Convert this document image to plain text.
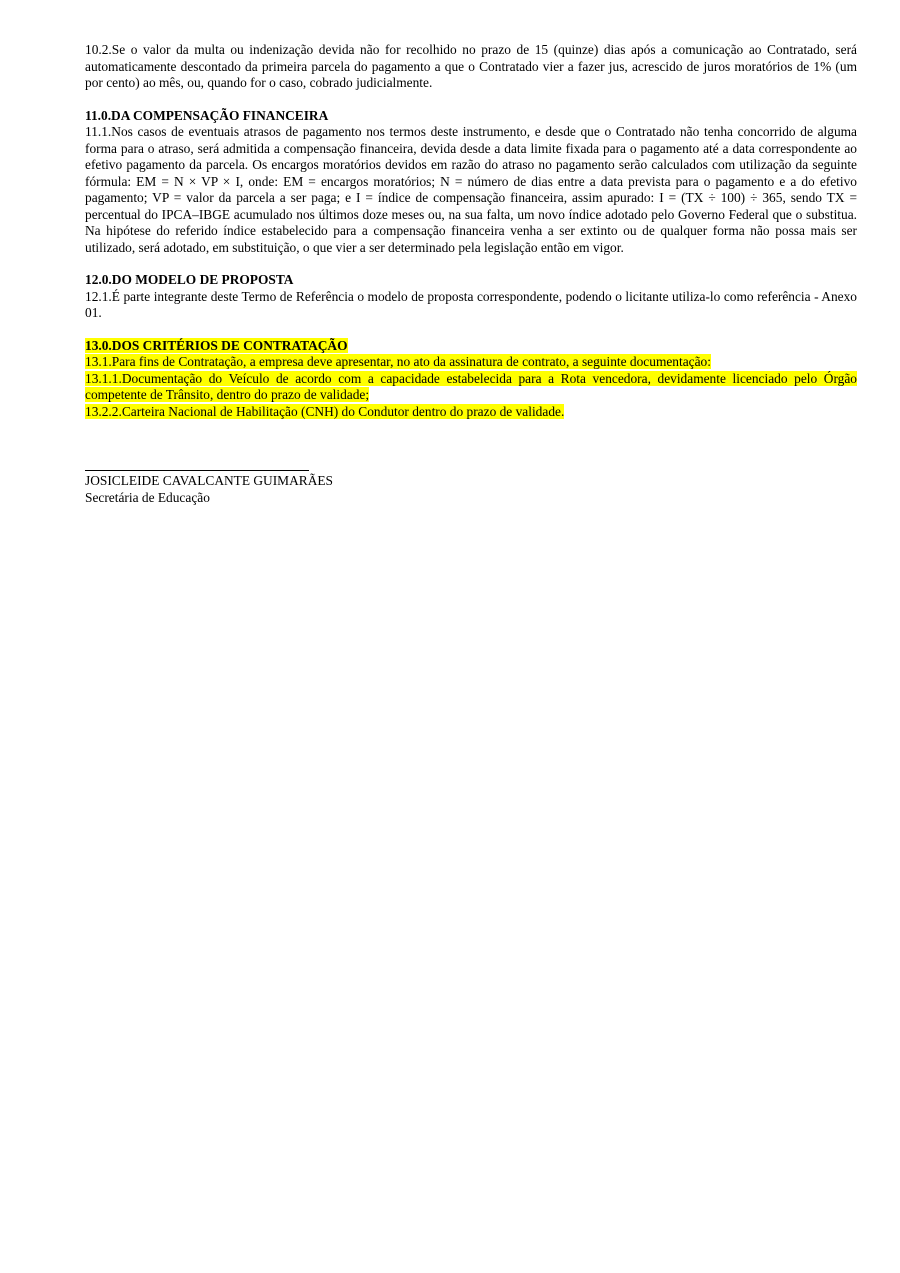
10.2.Se o valor da multa ou indenização devida não for recolhido no prazo de 15 (quinze) dias após a comunicação ao Contratado, será automaticamente descontado da primeira parcela do pagamento a que o Contratado vier a fazer jus, acrescido de juros moratórios de 1% (um por cento) ao mês, ou, quando for o caso, cobrado judicialmente.

11.0.DA COMPENSAÇÃO FINANCEIRA

11.1.Nos casos de eventuais atrasos de pagamento nos termos deste instrumento, e desde que o Contratado não tenha concorrido de alguma forma para o atraso, será admitida a compensação financeira, devida desde a data limite fixada para o pagamento até a data correspondente ao efetivo pagamento da parcela. Os encargos moratórios devidos em razão do atraso no pagamento serão calculados com utilização da seguinte fórmula: EM = N × VP × I, onde: EM = encargos moratórios; N = número de dias entre a data prevista para o pagamento e a do efetivo pagamento; VP = valor da parcela a ser paga; e I = índice de compensação financeira, assim apurado: I = (TX ÷ 100) ÷ 365, sendo TX = percentual do IPCA–IBGE acumulado nos últimos doze meses ou, na sua falta, um novo índice adotado pelo Governo Federal que o substitua. Na hipótese do referido índice estabelecido para a compensação financeira venha a ser extinto ou de qualquer forma não possa mais ser utilizado, será adotado, em substituição, o que vier a ser determinado pela legislação então em vigor.

12.0.DO MODELO DE PROPOSTA

12.1.É parte integrante deste Termo de Referência o modelo de proposta correspondente, podendo o licitante utiliza-lo como referência - Anexo 01.

13.0.DOS CRITÉRIOS DE CONTRATAÇÃO

13.1.Para fins de Contratação, a empresa deve apresentar, no ato da assinatura de contrato, a seguinte documentação:

13.1.1.Documentação do Veículo de acordo com a capacidade estabelecida para a Rota vencedora, devidamente licenciado pelo Órgão competente de Trânsito, dentro do prazo de validade;

13.2.2.Carteira Nacional de Habilitação (CNH) do Condutor dentro do prazo de validade.

JOSICLEIDE CAVALCANTE GUIMARÃES
Secretária de Educação
